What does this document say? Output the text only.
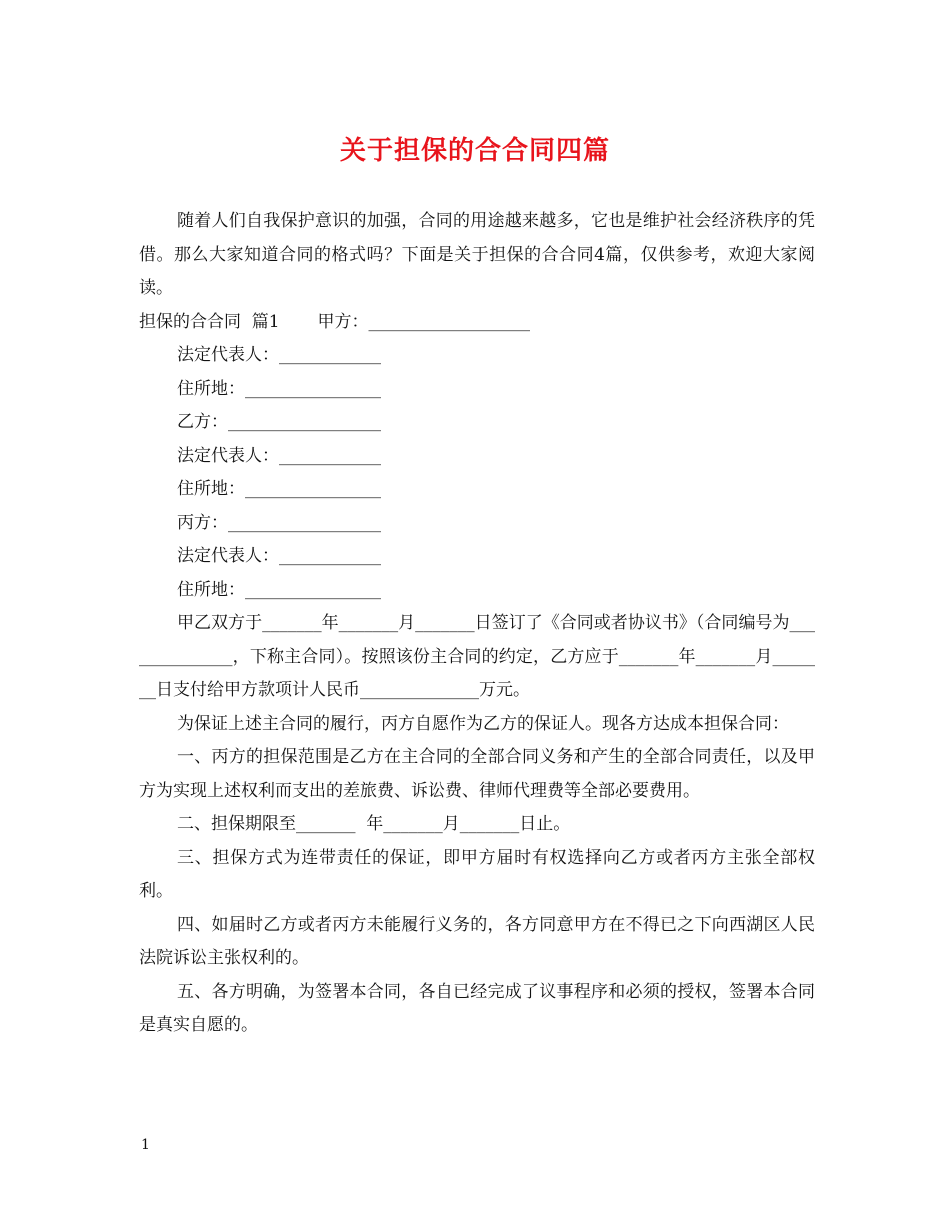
关于担保的合合同四篇

随着人们自我保护意识的加强，合同的用途越来越多，它也是维护社会经济秩序的凭借。那么大家知道合同的格式吗？下面是关于担保的合合同4篇，仅供参考，欢迎大家阅读。

担保的合合同  篇1       甲方：___________________

法定代表人：____________

住所地：________________

乙方：__________________

法定代表人：____________

住所地：________________

丙方：__________________

法定代表人：____________

住所地：________________

甲乙双方于_______年_______月_______日签订了《合同或者协议书》（合同编号为______________，下称主合同）。按照该份主合同的约定，乙方应于_______年_______月_______日支付给甲方款项计人民币______________万元。

为保证上述主合同的履行，丙方自愿作为乙方的保证人。现各方达成本担保合同：

一、丙方的担保范围是乙方在主合同的全部合同义务和产生的全部合同责任，以及甲方为实现上述权利而支出的差旅费、诉讼费、律师代理费等全部必要费用。

二、担保期限至_______  年_______月_______日止。

三、担保方式为连带责任的保证，即甲方届时有权选择向乙方或者丙方主张全部权利。

四、如届时乙方或者丙方未能履行义务的，各方同意甲方在不得已之下向西湖区人民法院诉讼主张权利的。

五、各方明确，为签署本合同，各自已经完成了议事程序和必须的授权，签署本合同是真实自愿的。

1
